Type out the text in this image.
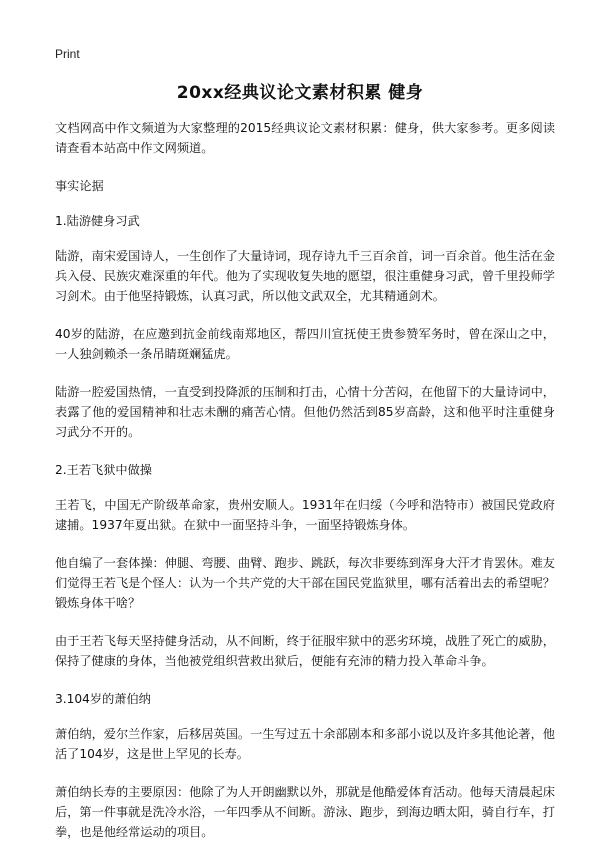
Print
20xx经典议论文素材积累 健身

文档网高中作文频道为大家整理的2015经典议论文素材积累：健身，供大家参考。更多阅读请查看本站高中作文网频道。

事实论据

1.陆游健身习武

陆游，南宋爱国诗人，一生创作了大量诗词，现存诗九千三百余首，词一百余首。他生活在金兵入侵、民族灾难深重的年代。他为了实现收复失地的愿望，很注重健身习武，曾千里投师学习剑术。由于他坚持锻炼，认真习武，所以他文武双全，尤其精通剑术。

40岁的陆游，在应邀到抗金前线南郑地区，帮四川宣抚使王贵参赞军务时，曾在深山之中，一人独剑赖杀一条吊睛斑斓猛虎。

陆游一腔爱国热情，一直受到投降派的压制和打击，心情十分苦闷，在他留下的大量诗词中，表露了他的爱国精神和壮志未酬的痛苦心情。但他仍然活到85岁高龄，这和他平时注重健身习武分不开的。

2.王若飞狱中做操

王若飞，中国无产阶级革命家，贵州安顺人。1931年在归绥（今呼和浩特市）被国民党政府逮捕。1937年夏出狱。在狱中一面坚持斗争，一面坚持锻炼身体。

他自编了一套体操：伸腿、弯腰、曲臂、跑步、跳跃，每次非要练到浑身大汗才肯罢休。难友们觉得王若飞是个怪人：认为一个共产党的大干部在国民党监狱里，哪有活着出去的希望呢？锻炼身体干啥？

由于王若飞每天坚持健身活动，从不间断，终于征服牢狱中的恶劣环境，战胜了死亡的威胁，保持了健康的身体，当他被党组织营救出狱后，便能有充沛的精力投入革命斗争。

3.104岁的萧伯纳

萧伯纳，爱尔兰作家，后移居英国。一生写过五十余部剧本和多部小说以及许多其他论著，他活了104岁，这是世上罕见的长寿。

萧伯纳长寿的主要原因：他除了为人开朗幽默以外，那就是他酷爱体育活动。他每天清晨起床后，第一件事就是洗冷水浴，一年四季从不间断。游泳、跑步，到海边晒太阳，骑自行车，打拳，也是他经常运动的项目。
